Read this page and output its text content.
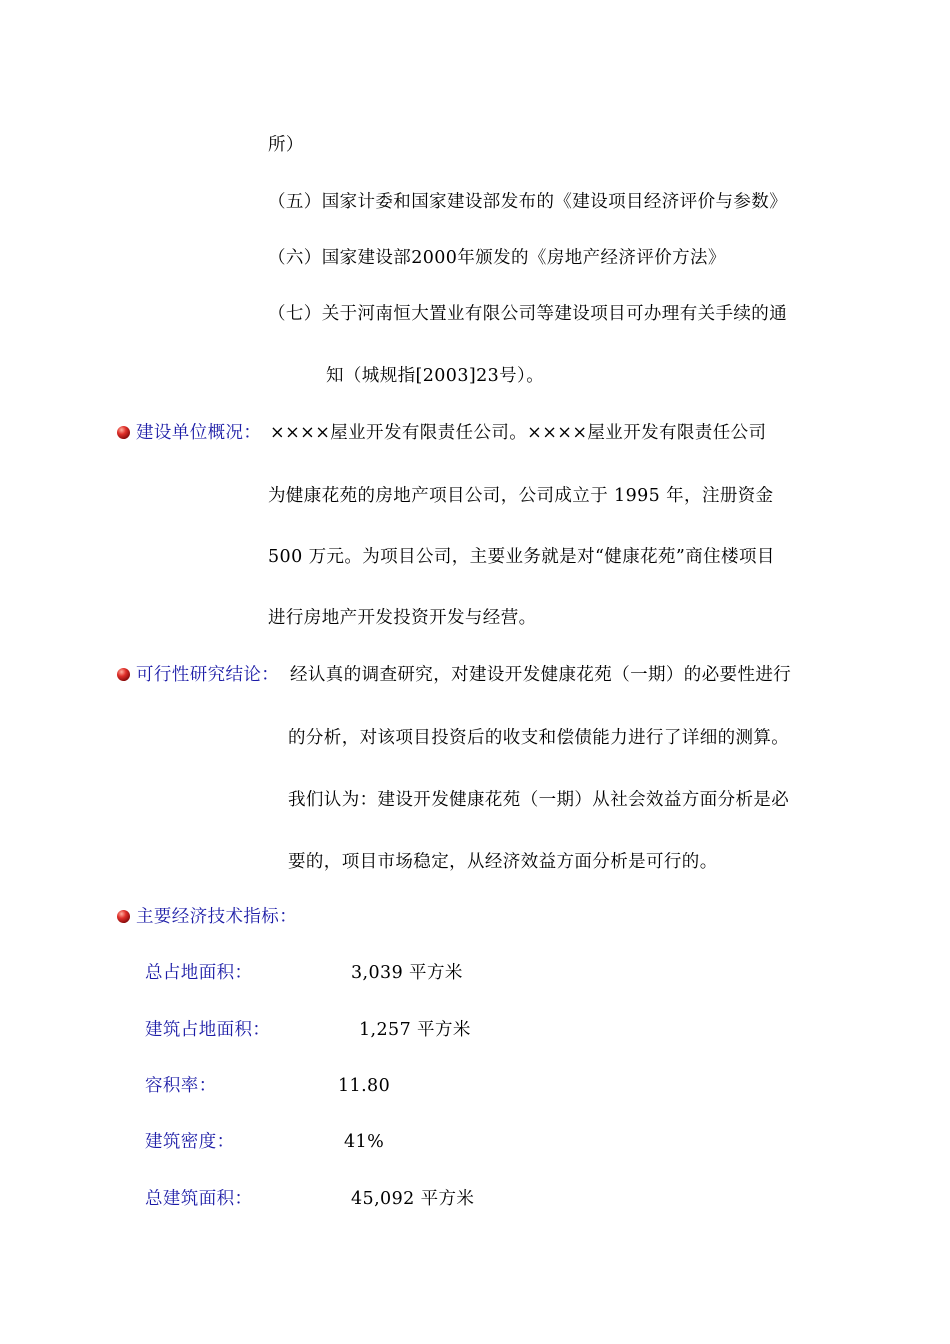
所）
（五）国家计委和国家建设部发布的《建设项目经济评价与参数》
（六）国家建设部2000年颁发的《房地产经济评价方法》
（七）关于河南恒大置业有限公司等建设项目可办理有关手续的通
知（城规指[2003]23号）。
建设单位概况： ××××屋业开发有限责任公司。××××屋业开发有限责任公司
为健康花苑的房地产项目公司，公司成立于 1995 年，注册资金
500 万元。为项目公司，主要业务就是对“健康花苑”商住楼项目
进行房地产开发投资开发与经营。
可行性研究结论： 经认真的调查研究，对建设开发健康花苑（一期）的必要性进行
的分析，对该项目投资后的收支和偿债能力进行了详细的测算。
我们认为：建设开发健康花苑（一期）从社会效益方面分析是必
要的，项目市场稳定，从经济效益方面分析是可行的。
主要经济技术指标：
总占地面积：	3,039 平方米
建筑占地面积：	1,257 平方米
容积率：	11.80
建筑密度：	41%
总建筑面积：	45,092 平方米
